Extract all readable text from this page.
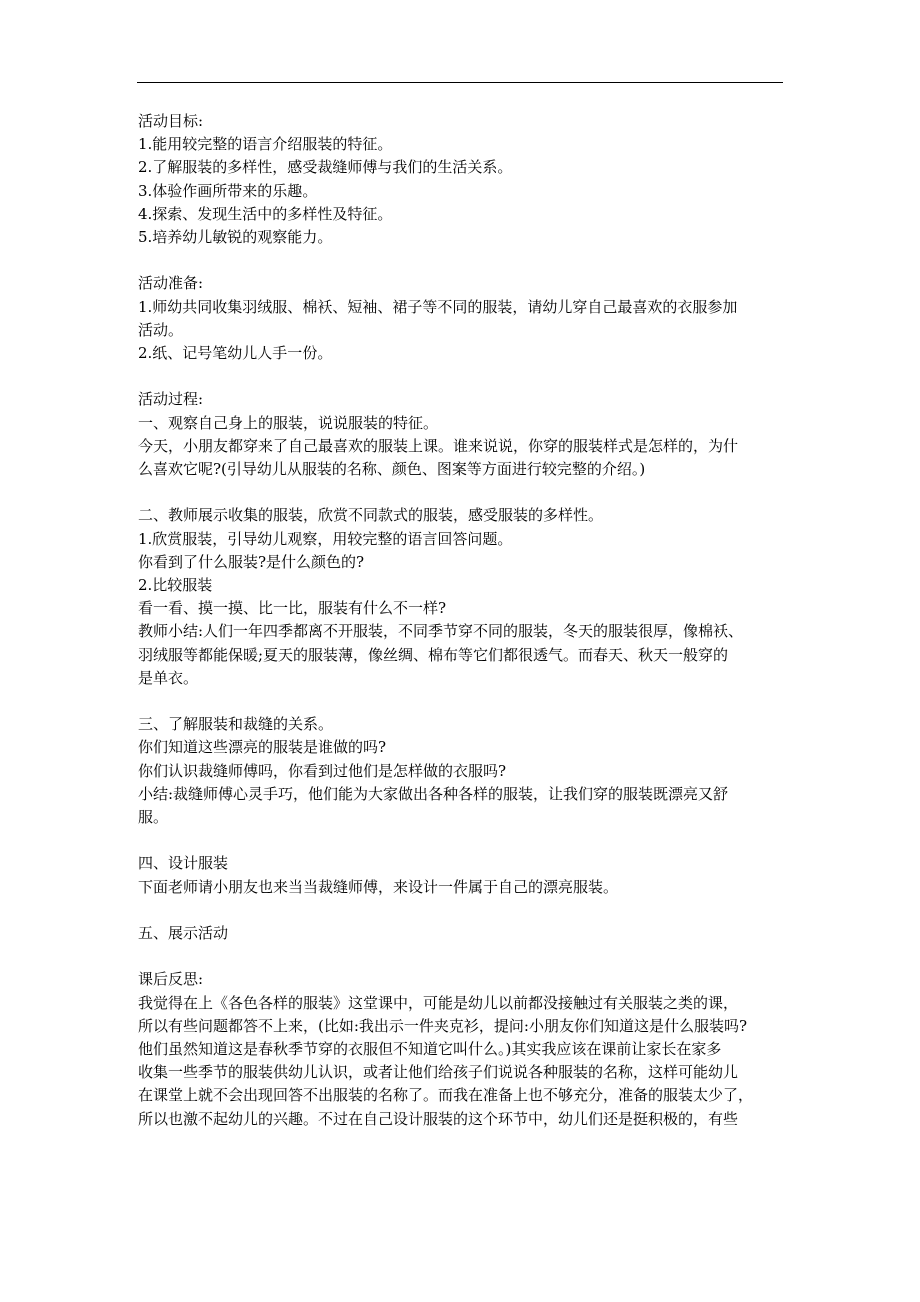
活动目标:
1.能用较完整的语言介绍服装的特征。
2.了解服装的多样性，感受裁缝师傅与我们的生活关系。
3.体验作画所带来的乐趣。
4.探索、发现生活中的多样性及特征。
5.培养幼儿敏锐的观察能力。
活动准备:
1.师幼共同收集羽绒服、棉袄、短袖、裙子等不同的服装，请幼儿穿自己最喜欢的衣服参加
活动。
2.纸、记号笔幼儿人手一份。
活动过程:
一、观察自己身上的服装，说说服装的特征。
今天，小朋友都穿来了自己最喜欢的服装上课。谁来说说，你穿的服装样式是怎样的，为什
么喜欢它呢?(引导幼儿从服装的名称、颜色、图案等方面进行较完整的介绍。)
二、教师展示收集的服装，欣赏不同款式的服装，感受服装的多样性。
1.欣赏服装，引导幼儿观察，用较完整的语言回答问题。
你看到了什么服装?是什么颜色的?
2.比较服装
看一看、摸一摸、比一比，服装有什么不一样?
教师小结:人们一年四季都离不开服装，不同季节穿不同的服装，冬天的服装很厚，像棉袄、
羽绒服等都能保暖;夏天的服装薄，像丝绸、棉布等它们都很透气。而春天、秋天一般穿的
是单衣。
三、了解服装和裁缝的关系。
你们知道这些漂亮的服装是谁做的吗?
你们认识裁缝师傅吗，你看到过他们是怎样做的衣服吗?
小结:裁缝师傅心灵手巧，他们能为大家做出各种各样的服装，让我们穿的服装既漂亮又舒
服。
四、设计服装
下面老师请小朋友也来当当裁缝师傅，来设计一件属于自己的漂亮服装。
五、展示活动
课后反思:
我觉得在上《各色各样的服装》这堂课中，可能是幼儿以前都没接触过有关服装之类的课，
所以有些问题都答不上来，(比如:我出示一件夹克衫，提问:小朋友你们知道这是什么服装吗?
他们虽然知道这是春秋季节穿的衣服但不知道它叫什么。)其实我应该在课前让家长在家多
收集一些季节的服装供幼儿认识，或者让他们给孩子们说说各种服装的名称，这样可能幼儿
在课堂上就不会出现回答不出服装的名称了。而我在准备上也不够充分，准备的服装太少了，
所以也激不起幼儿的兴趣。不过在自己设计服装的这个环节中，幼儿们还是挺积极的，有些
